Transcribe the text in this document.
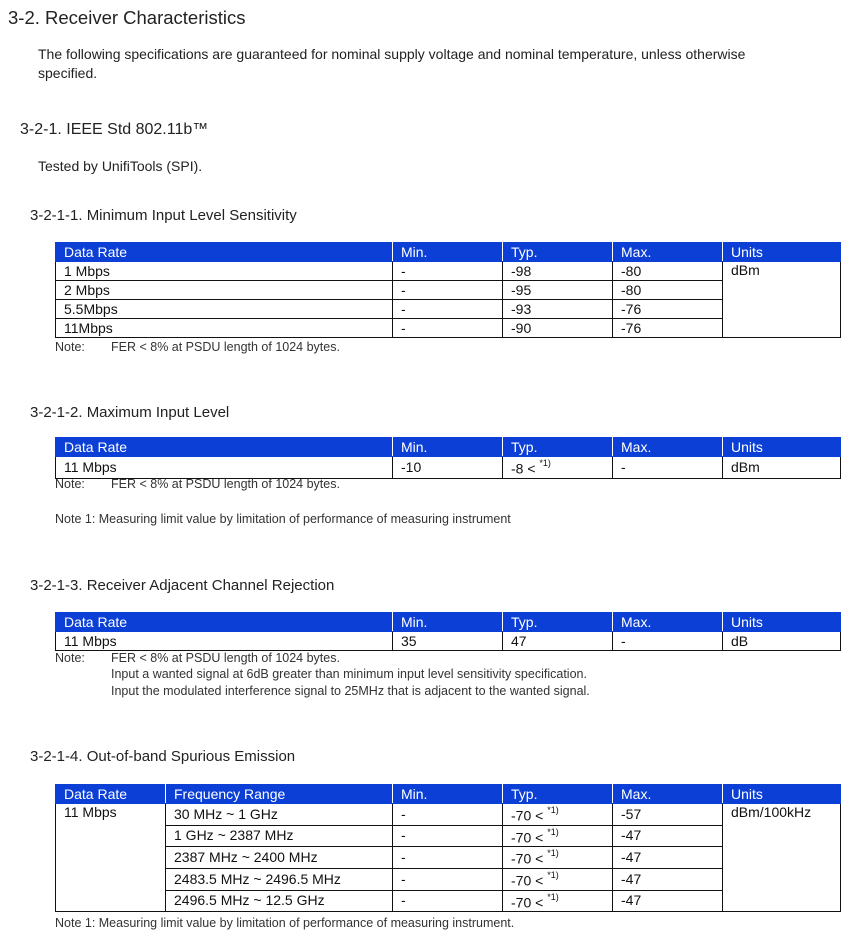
3-2. Receiver Characteristics
The following specifications are guaranteed for nominal supply voltage and nominal temperature, unless otherwise
specified.
3-2-1. IEEE Std 802.11b™
Tested by UnifiTools (SPI).
3-2-1-1. Minimum Input Level Sensitivity
Data Rate	Min.	Typ.	Max.	Units
1 Mbps	-	-98	-80	dBm
2 Mbps	-	-95	-80	
5.5Mbps	-	-93	-76	
11Mbps	-	-90	-76	
Note: FER < 8% at PSDU length of 1024 bytes.
3-2-1-2. Maximum Input Level
Data Rate	Min.	Typ.	Max.	Units
11 Mbps	-10	-8 < $^{*1)}$	-	dBm
Note: FER < 8% at PSDU length of 1024 bytes.
Note 1: Measuring limit value by limitation of performance of measuring instrument
3-2-1-3. Receiver Adjacent Channel Rejection
Data Rate	Min.	Typ.	Max.	Units
11 Mbps	35	47	-	dB
Note: FER < 8% at PSDU length of 1024 bytes.
Input a wanted signal at 6dB greater than minimum input level sensitivity specification.
Input the modulated interference signal to 25MHz that is adjacent to the wanted signal.
3-2-1-4. Out-of-band Spurious Emission
Data Rate	Frequency Range	Min.	Typ.	Max.	Units
11 Mbps	30 MHz ~ 1 GHz	-	-70 < $^{*1)}$	-57	dBm/100kHz
	1 GHz ~ 2387 MHz	-	-70 < $^{*1)}$	-47	
	2387 MHz ~ 2400 MHz	-	-70 < $^{*1)}$	-47	
	2483.5 MHz ~ 2496.5 MHz	-	-70 < $^{*1)}$	-47	
	2496.5 MHz ~ 12.5 GHz	-	-70 < $^{*1)}$	-47	
Note 1: Measuring limit value by limitation of performance of measuring instrument.
